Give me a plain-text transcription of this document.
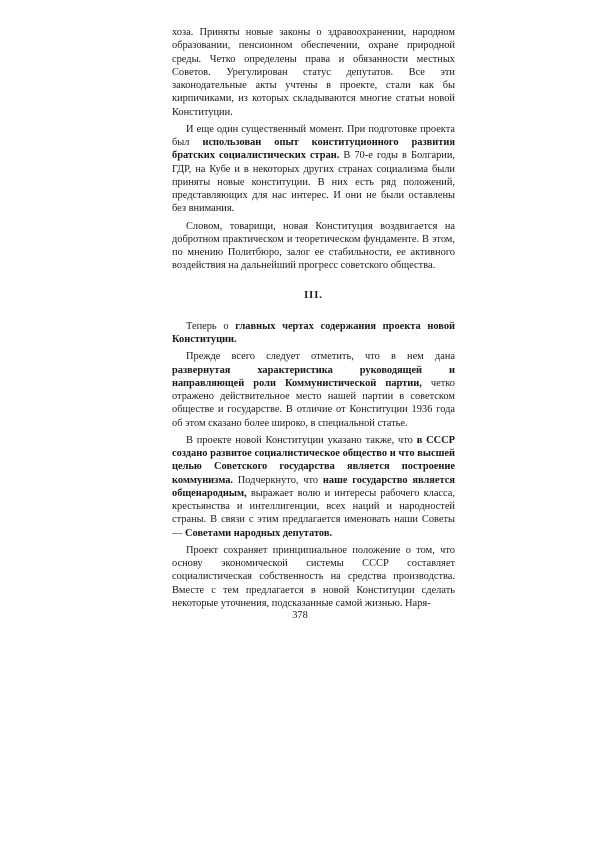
хоза. Приняты новые законы о здравоохранении, народном образовании, пенсионном обеспечении, охране природной среды. Четко определены права и обязанности местных Советов. Урегулирован статус депутатов. Все эти законодательные акты учтены в проекте, стали как бы кирпичиками, из которых складываются многие статьи новой Конституции.

И еще один существенный момент. При подготовке проекта был использован опыт конституционного развития братских социалистических стран. В 70-е годы в Болгарии, ГДР, на Кубе и в некоторых других странах социализма были приняты новые конституции. В них есть ряд положений, представляющих для нас интерес. И они не были оставлены без внимания.

Словом, товарищи, новая Конституция воздвигается на добротном практическом и теоретическом фундаменте. В этом, по мнению Политбюро, залог ее стабильности, ее активного воздействия на дальнейший прогресс советского общества.

III.

Теперь о главных чертах содержания проекта новой Конституции.

Прежде всего следует отметить, что в нем дана развернутая характеристика руководящей и направляющей роли Коммунистической партии, четко отражено действительное место нашей партии в советском обществе и государстве. В отличие от Конституции 1936 года об этом сказано более широко, в специальной статье.

В проекте новой Конституции указано также, что в СССР создано развитое социалистическое общество и что высшей целью Советского государства является построение коммунизма. Подчеркнуто, что наше государство является общенародным, выражает волю и интересы рабочего класса, крестьянства и интеллигенции, всех наций и народностей страны. В связи с этим предлагается именовать наши Советы — Советами народных депутатов.

Проект сохраняет принципиальное положение о том, что основу экономической системы СССР составляет социалистическая собственность на средства производства. Вместе с тем предлагается в новой Конституции сделать некоторые уточнения, подсказанные самой жизнью. Наря-

378
